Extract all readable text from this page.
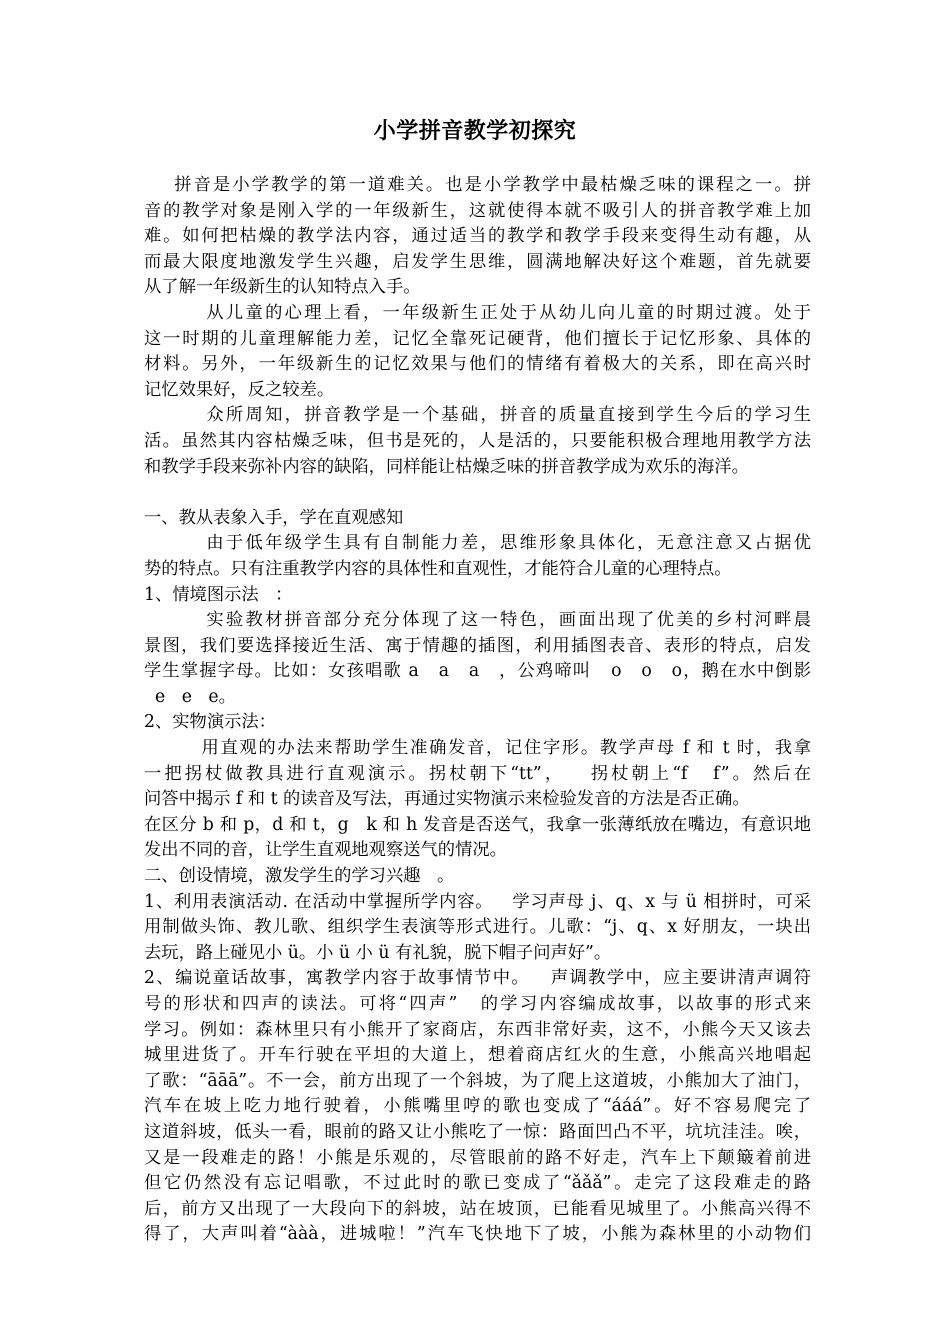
小学拼音教学初探究
拼音是小学教学的第一道难关。也是小学教学中最枯燥乏味的课程之一。拼
音的教学对象是刚入学的一年级新生，这就使得本就不吸引人的拼音教学难上加
难。如何把枯燥的教学法内容，通过适当的教学和教学手段来变得生动有趣，从
而最大限度地激发学生兴趣，启发学生思维，圆满地解决好这个难题，首先就要
从了解一年级新生的认知特点入手。
从儿童的心理上看，一年级新生正处于从幼儿向儿童的时期过渡。处于
这一时期的儿童理解能力差，记忆全靠死记硬背，他们擅长于记忆形象、具体的
材料。另外，一年级新生的记忆效果与他们的情绪有着极大的关系，即在高兴时
记忆效果好，反之较差。
众所周知，拼音教学是一个基础，拼音的质量直接到学生今后的学习生
活。虽然其内容枯燥乏味，但书是死的，人是活的，只要能积极合理地用教学方法
和教学手段来弥补内容的缺陷，同样能让枯燥乏味的拼音教学成为欢乐的海洋。
一、教从表象入手，学在直观感知
由于低年级学生具有自制能力差，思维形象具体化，无意注意又占据优
势的特点。只有注重教学内容的具体性和直观性，才能符合儿童的心理特点。
1、情境图示法   ：
实验教材拼音部分充分体现了这一特色，画面出现了优美的乡村河畔晨
景图，我们要选择接近生活、寓于情趣的插图，利用插图表音、表形的特点，启发
学生掌握字母。比如：女孩唱歌 a   a   a   ，公鸡啼叫   o   o   o，鹅在水中倒影
e   e   e。
2、实物演示法：
用直观的办法来帮助学生准确发音，记住字形。教学声母 f 和 t 时，我拿
一把拐杖做教具进行直观演示。拐杖朝下“tt”，   拐杖朝上“f   f”。然后在
问答中揭示 f 和 t 的读音及写法，再通过实物演示来检验发音的方法是否正确。
在区分 b 和 p，d 和 t，g   k 和 h 发音是否送气，我拿一张薄纸放在嘴边，有意识地
发出不同的音，让学生直观地观察送气的情况。
二、创设情境，激发学生的学习兴趣   。
1、利用表演活动. 在活动中掌握所学内容。   学习声母 j、q、x 与 ü 相拼时，可采
用制做头饰、教儿歌、组织学生表演等形式进行。儿歌：“j、q、x 好朋友，一块出
去玩，路上碰见小 ü。小 ü 小 ü 有礼貌，脱下帽子问声好”。
2、编说童话故事，寓教学内容于故事情节中。   声调教学中，应主要讲清声调符
号的形状和四声的读法。可将“四声”   的学习内容编成故事，以故事的形式来
学习。例如：森林里只有小熊开了家商店，东西非常好卖，这不，小熊今天又该去
城里进货了。开车行驶在平坦的大道上，想着商店红火的生意，小熊高兴地唱起
了歌：“āāā”。不一会，前方出现了一个斜坡，为了爬上这道坡，小熊加大了油门，
汽车在坡上吃力地行驶着，小熊嘴里哼的歌也变成了“ááá”。好不容易爬完了
这道斜坡，低头一看，眼前的路又让小熊吃了一惊：路面凹凸不平，坑坑洼洼。唉，
又是一段难走的路！小熊是乐观的，尽管眼前的路不好走，汽车上下颠簸着前进
但它仍然没有忘记唱歌，不过此时的歌已变成了“ǎǎǎ”。走完了这段难走的路
后，前方又出现了一大段向下的斜坡，站在坡顶，已能看见城里了。小熊高兴得不
得了，大声叫着“ààà，进城啦！”汽车飞快地下了坡，小熊为森林里的小动物们
